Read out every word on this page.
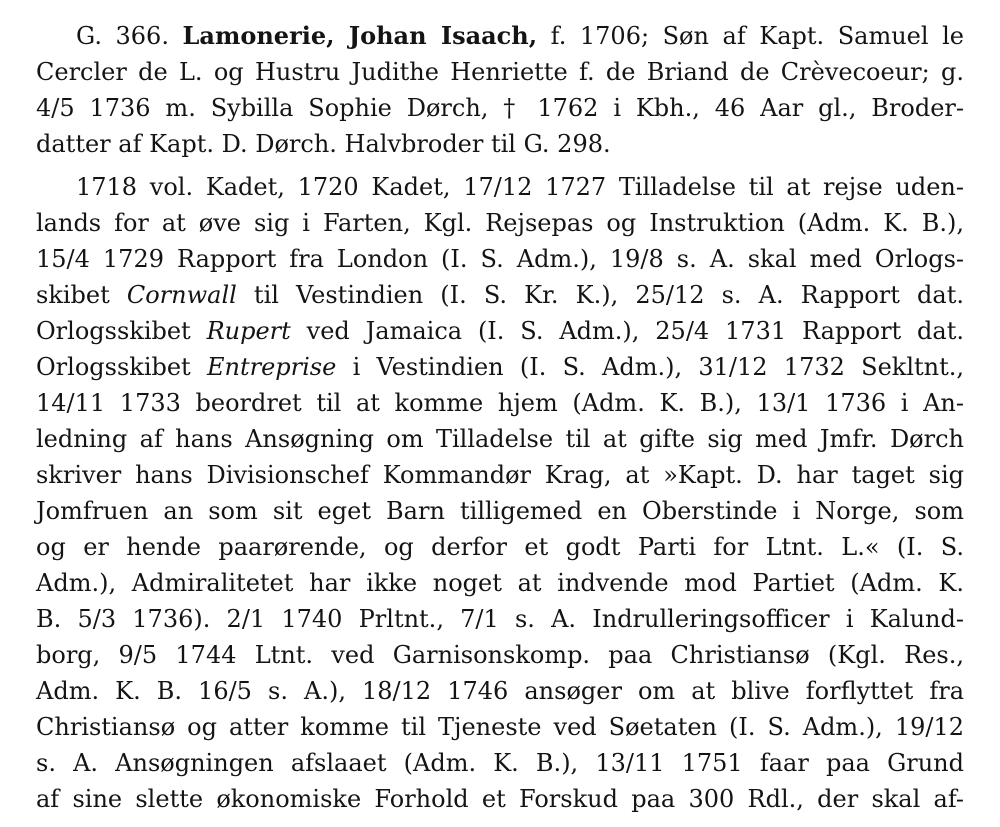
G. 366. Lamonerie, Johan Isaach, f. 1706; Søn af Kapt. Samuel le
Cercler de L. og Hustru Judithe Henriette f. de Briand de Crèvecoeur; g.
4/5 1736 m. Sybilla Sophie Dørch, † 1762 i Kbh., 46 Aar gl., Broder-
datter af Kapt. D. Dørch. Halvbroder til G. 298.
1718 vol. Kadet, 1720 Kadet, 17/12 1727 Tilladelse til at rejse uden-
lands for at øve sig i Farten, Kgl. Rejsepas og Instruktion (Adm. K. B.),
15/4 1729 Rapport fra London (I. S. Adm.), 19/8 s. A. skal med Orlogs-
skibet Cornwall til Vestindien (I. S. Kr. K.), 25/12 s. A. Rapport dat.
Orlogsskibet Rupert ved Jamaica (I. S. Adm.), 25/4 1731 Rapport dat.
Orlogsskibet Entreprise i Vestindien (I. S. Adm.), 31/12 1732 Sekltnt.,
14/11 1733 beordret til at komme hjem (Adm. K. B.), 13/1 1736 i An-
ledning af hans Ansøgning om Tilladelse til at gifte sig med Jmfr. Dørch
skriver hans Divisionschef Kommandør Krag, at »Kapt. D. har taget sig
Jomfruen an som sit eget Barn tilligemed en Oberstinde i Norge, som
og er hende paarørende, og derfor et godt Parti for Ltnt. L.« (I. S.
Adm.), Admiralitetet har ikke noget at indvende mod Partiet (Adm. K.
B. 5/3 1736). 2/1 1740 Prltnt., 7/1 s. A. Indrulleringsofficer i Kalund-
borg, 9/5 1744 Ltnt. ved Garnisonskomp. paa Christiansø (Kgl. Res.,
Adm. K. B. 16/5 s. A.), 18/12 1746 ansøger om at blive forflyttet fra
Christiansø og atter komme til Tjeneste ved Søetaten (I. S. Adm.), 19/12
s. A. Ansøgningen afslaaet (Adm. K. B.), 13/11 1751 faar paa Grund
af sine slette økonomiske Forhold et Forskud paa 300 Rdl., der skal af-
